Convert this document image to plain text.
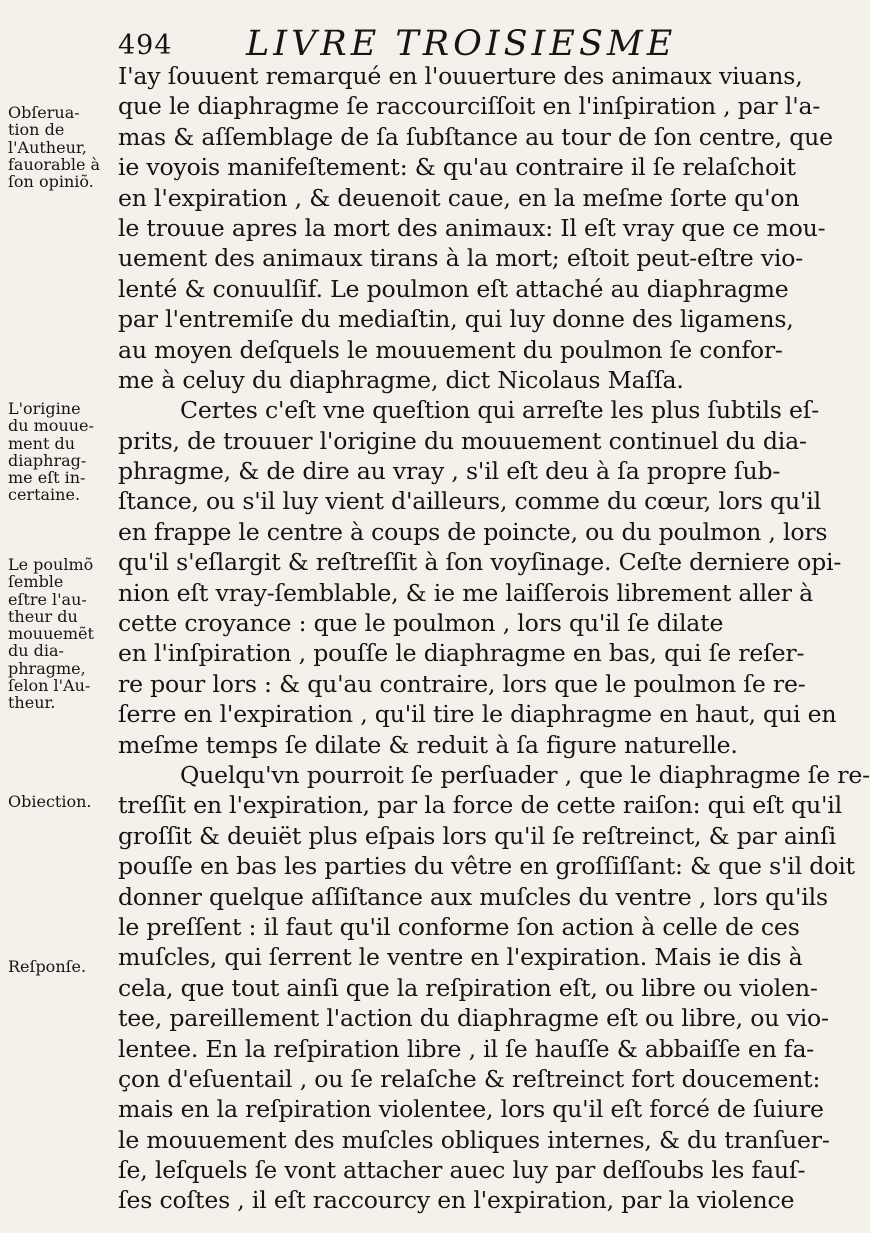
494 LIVRE TROISIESME
Obſerua-
tion de
l'Autheur,
fauorable à
ſon opiniõ.
L'origine
du mouue-
ment du
diaphrag-
me eſt in-
certaine.
Le poulmõ
ſemble
eſtre l'au-
theur du
mouuemẽt
du dia-
phragme,
ſelon l'Au-
theur.
Obiection.
Reſponſe.
I'ay ſouuent remarqué en l'ouuerture des animaux viuans,
que le diaphragme ſe raccourciſſoit en l'inſpiration , par l'a-
mas & aſſemblage de ſa ſubſtance au tour de ſon centre, que
ie voyois manifeſtement: & qu'au contraire il ſe relaſchoit
en l'expiration , & deuenoit caue, en la meſme ſorte qu'on
le trouue apres la mort des animaux: Il eſt vray que ce mou-
uement des animaux tirans à la mort; eſtoit peut-eſtre vio-
lenté & conuulſif. Le poulmon eſt attaché au diaphragme
par l'entremiſe du mediaſtin, qui luy donne des ligamens,
au moyen deſquels le mouuement du poulmon ſe confor-
me à celuy du diaphragme, dict Nicolaus Maſſa.
Certes c'eſt vne queſtion qui arreſte les plus ſubtils eſ-
prits, de trouuer l'origine du mouuement continuel du dia-
phragme, & de dire au vray , s'il eſt deu à ſa propre ſub-
ſtance, ou s'il luy vient d'ailleurs, comme du cœur, lors qu'il
en frappe le centre à coups de poincte, ou du poulmon , lors
qu'il s'eſlargit & reſtreſſit à ſon voyſinage. Ceſte derniere opi-
nion eſt vray-ſemblable, & ie me laiſſerois librement aller à
cette croyance : que le poulmon , lors qu'il ſe dilate
en l'inſpiration , pouſſe le diaphragme en bas, qui ſe reſer-
re pour lors : & qu'au contraire, lors que le poulmon ſe re-
ſerre en l'expiration , qu'il tire le diaphragme en haut, qui en
meſme temps ſe dilate & reduit à ſa figure naturelle.
Quelqu'vn pourroit ſe perſuader , que le diaphragme ſe re-
treſſit en l'expiration, par la force de cette raiſon: qui eſt qu'il
groſſit & deuiët plus eſpais lors qu'il ſe reſtreinct, & par ainſi
pouſſe en bas les parties du vêtre en groſſiſſant: & que s'il doit
donner quelque aſſiſtance aux muſcles du ventre , lors qu'ils
le preſſent : il faut qu'il conforme ſon action à celle de ces
muſcles, qui ſerrent le ventre en l'expiration. Mais ie dis à
cela, que tout ainſi que la reſpiration eſt, ou libre ou violen-
tee, pareillement l'action du diaphragme eſt ou libre, ou vio-
lentee. En la reſpiration libre , il ſe hauſſe & abbaiſſe en fa-
çon d'eſuentail , ou ſe relaſche & reſtreinct fort doucement:
mais en la reſpiration violentee, lors qu'il eſt forcé de ſuiure
le mouuement des muſcles obliques internes, & du tranſuer-
ſe, leſquels ſe vont attacher auec luy par deſſoubs les fauſ-
ſes coſtes , il eſt raccourcy en l'expiration, par la violence
